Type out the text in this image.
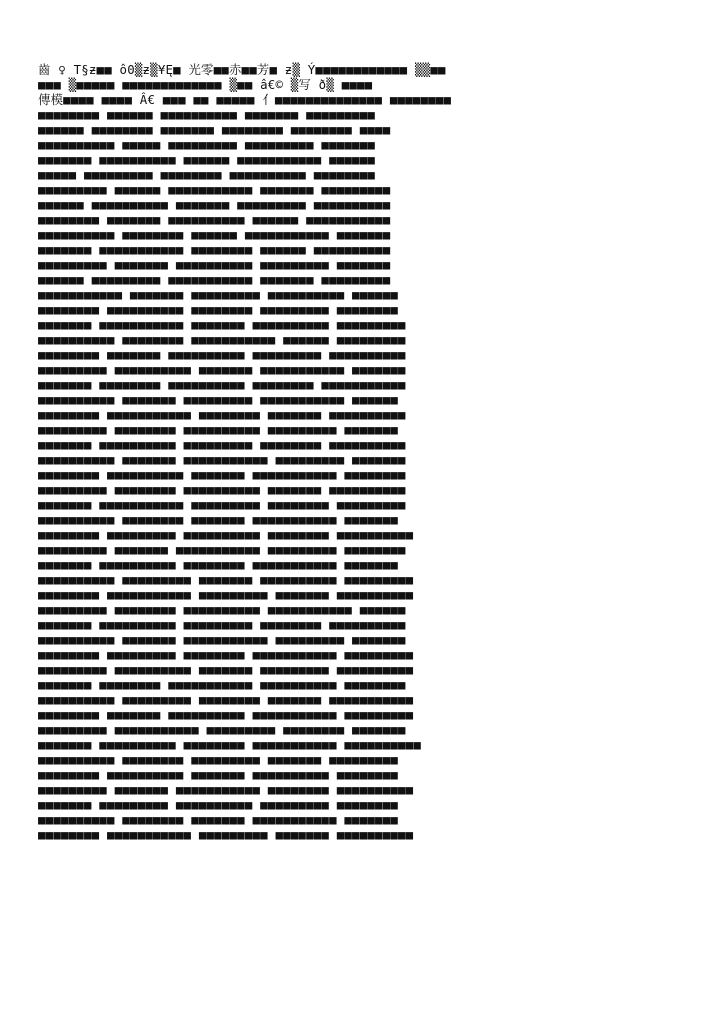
齒 ♀ T§ƶ■■ ô0▒ƶ▒¥Ę■ 光零■■赤■■芳■ ƶ▒ Ý■■■■■■■■■■■■ ▒▒■■
■■■ ▒■■■■■ ■■■■■■■■■■■■■ ▒■■ â€© ▒写 ð▒ ■■■■
傳模■■■■ ■■■■ Â€ ■■■ ■■ ■■■■■ 亻■■■■■■■■■■■■■■ ■■■■■■■■
■■■■■■■■ ■■■■■■ ■■■■■■■■■■ ■■■■■■■ ■■■■■■■■■
■■■■■■ ■■■■■■■■ ■■■■■■■ ■■■■■■■■ ■■■■■■■■ ■■■■
■■■■■■■■■■ ■■■■■ ■■■■■■■■■ ■■■■■■■■■ ■■■■■■■
■■■■■■■ ■■■■■■■■■■ ■■■■■■ ■■■■■■■■■■■ ■■■■■■
■■■■■ ■■■■■■■■■ ■■■■■■■■ ■■■■■■■■■■ ■■■■■■■■
■■■■■■■■■ ■■■■■■ ■■■■■■■■■■■ ■■■■■■■ ■■■■■■■■■
■■■■■■ ■■■■■■■■■■ ■■■■■■■ ■■■■■■■■■ ■■■■■■■■■■
■■■■■■■■ ■■■■■■■ ■■■■■■■■■■ ■■■■■■ ■■■■■■■■■■■
■■■■■■■■■■ ■■■■■■■■ ■■■■■■ ■■■■■■■■■■■ ■■■■■■■
■■■■■■■ ■■■■■■■■■■■ ■■■■■■■■ ■■■■■■ ■■■■■■■■■■
■■■■■■■■■ ■■■■■■■ ■■■■■■■■■■ ■■■■■■■■■ ■■■■■■■
■■■■■■ ■■■■■■■■■ ■■■■■■■■■■■ ■■■■■■■ ■■■■■■■■■
■■■■■■■■■■■ ■■■■■■■ ■■■■■■■■■ ■■■■■■■■■■ ■■■■■■
■■■■■■■■ ■■■■■■■■■■ ■■■■■■■■ ■■■■■■■■■ ■■■■■■■■
■■■■■■■ ■■■■■■■■■■■ ■■■■■■■ ■■■■■■■■■■ ■■■■■■■■■
■■■■■■■■■■ ■■■■■■■■ ■■■■■■■■■■■ ■■■■■■ ■■■■■■■■■
■■■■■■■■ ■■■■■■■ ■■■■■■■■■■ ■■■■■■■■■ ■■■■■■■■■■
■■■■■■■■■ ■■■■■■■■■■ ■■■■■■■ ■■■■■■■■■■■ ■■■■■■■
■■■■■■■ ■■■■■■■■ ■■■■■■■■■■ ■■■■■■■■ ■■■■■■■■■■■
■■■■■■■■■■ ■■■■■■■ ■■■■■■■■■ ■■■■■■■■■■■ ■■■■■■
■■■■■■■■ ■■■■■■■■■■■ ■■■■■■■■ ■■■■■■■ ■■■■■■■■■■
■■■■■■■■■ ■■■■■■■■ ■■■■■■■■■■ ■■■■■■■■■ ■■■■■■■
■■■■■■■ ■■■■■■■■■■ ■■■■■■■■■ ■■■■■■■■ ■■■■■■■■■■
■■■■■■■■■■ ■■■■■■■ ■■■■■■■■■■■ ■■■■■■■■■ ■■■■■■■
■■■■■■■■ ■■■■■■■■■■ ■■■■■■■ ■■■■■■■■■■■ ■■■■■■■■
■■■■■■■■■ ■■■■■■■■ ■■■■■■■■■■ ■■■■■■■ ■■■■■■■■■■
■■■■■■■ ■■■■■■■■■■■ ■■■■■■■■■ ■■■■■■■■ ■■■■■■■■■
■■■■■■■■■■ ■■■■■■■■ ■■■■■■■ ■■■■■■■■■■■ ■■■■■■■
■■■■■■■■ ■■■■■■■■■ ■■■■■■■■■■ ■■■■■■■■ ■■■■■■■■■■
■■■■■■■■■ ■■■■■■■ ■■■■■■■■■■■ ■■■■■■■■■ ■■■■■■■■
■■■■■■■ ■■■■■■■■■■ ■■■■■■■■ ■■■■■■■■■■■ ■■■■■■■
■■■■■■■■■■ ■■■■■■■■■ ■■■■■■■ ■■■■■■■■■■ ■■■■■■■■■
■■■■■■■■ ■■■■■■■■■■■ ■■■■■■■■■ ■■■■■■■ ■■■■■■■■■■
■■■■■■■■■ ■■■■■■■■ ■■■■■■■■■■ ■■■■■■■■■■■ ■■■■■■
■■■■■■■ ■■■■■■■■■■ ■■■■■■■■■ ■■■■■■■■ ■■■■■■■■■■
■■■■■■■■■■ ■■■■■■■ ■■■■■■■■■■■ ■■■■■■■■■ ■■■■■■■
■■■■■■■■ ■■■■■■■■■ ■■■■■■■■ ■■■■■■■■■■■ ■■■■■■■■■
■■■■■■■■■ ■■■■■■■■■■ ■■■■■■■ ■■■■■■■■■ ■■■■■■■■■■
■■■■■■■ ■■■■■■■■ ■■■■■■■■■■■ ■■■■■■■■■■ ■■■■■■■■
■■■■■■■■■■ ■■■■■■■■■ ■■■■■■■■ ■■■■■■■ ■■■■■■■■■■■
■■■■■■■■ ■■■■■■■ ■■■■■■■■■■ ■■■■■■■■■■■ ■■■■■■■■■
■■■■■■■■■ ■■■■■■■■■■■ ■■■■■■■■■ ■■■■■■■■ ■■■■■■■
■■■■■■■ ■■■■■■■■■■ ■■■■■■■■ ■■■■■■■■■■■ ■■■■■■■■■■
■■■■■■■■■■ ■■■■■■■■ ■■■■■■■■■ ■■■■■■■ ■■■■■■■■■
■■■■■■■■ ■■■■■■■■■■ ■■■■■■■ ■■■■■■■■■■ ■■■■■■■■
■■■■■■■■■ ■■■■■■■ ■■■■■■■■■■■ ■■■■■■■■ ■■■■■■■■■■
■■■■■■■ ■■■■■■■■■ ■■■■■■■■■■ ■■■■■■■■■ ■■■■■■■■
■■■■■■■■■■ ■■■■■■■■ ■■■■■■■ ■■■■■■■■■■■ ■■■■■■■
■■■■■■■■ ■■■■■■■■■■■ ■■■■■■■■■ ■■■■■■■ ■■■■■■■■■■
